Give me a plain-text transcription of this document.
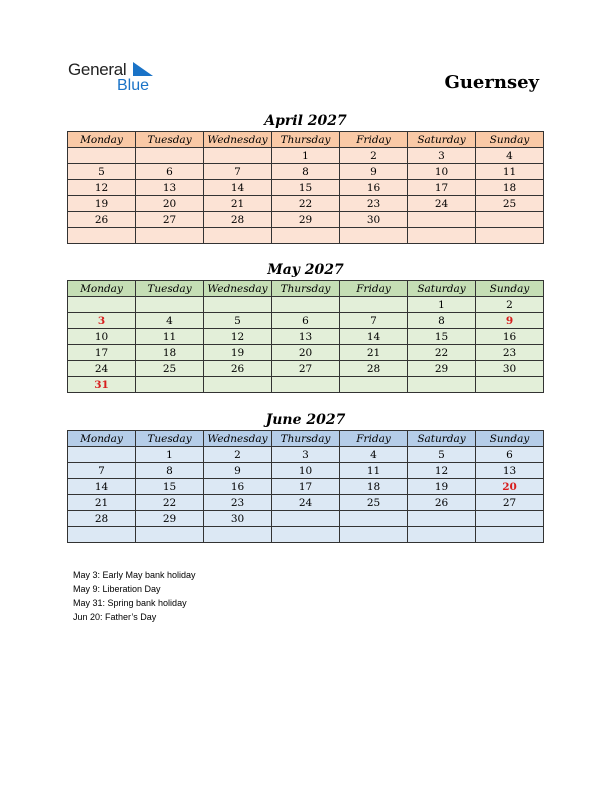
General
Blue	Guernsey
April 2027
Monday	Tuesday	Wednesday	Thursday	Friday	Saturday	Sunday
			1	2	3	4
5	6	7	8	9	10	11
12	13	14	15	16	17	18
19	20	21	22	23	24	25
26	27	28	29	30		

May 2027
Monday	Tuesday	Wednesday	Thursday	Friday	Saturday	Sunday
					1	2
3	4	5	6	7	8	9
10	11	12	13	14	15	16
17	18	19	20	21	22	23
24	25	26	27	28	29	30
31						
June 2027
Monday	Tuesday	Wednesday	Thursday	Friday	Saturday	Sunday
	1	2	3	4	5	6
7	8	9	10	11	12	13
14	15	16	17	18	19	20
21	22	23	24	25	26	27
28	29	30				

May 3: Early May bank holiday
May 9: Liberation Day
May 31: Spring bank holiday
Jun 20: Father’s Day
